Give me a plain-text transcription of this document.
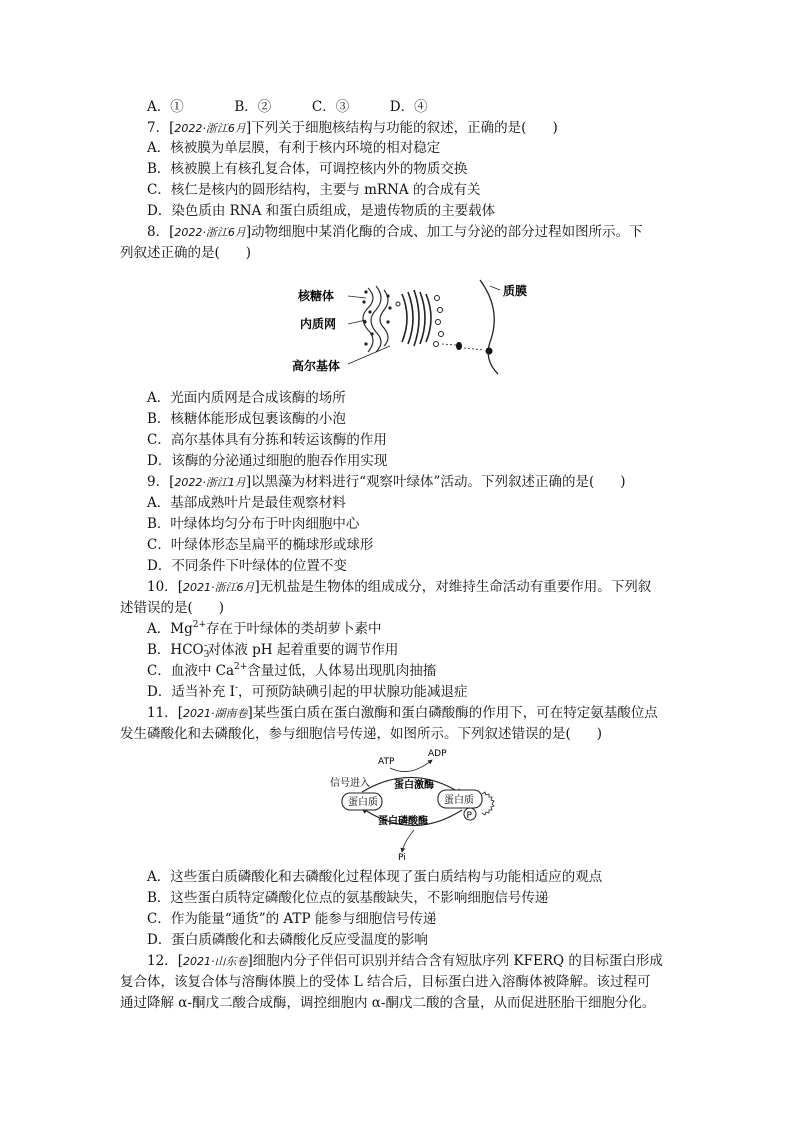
A．①	B．②	C．③	D．④
7．[2022·浙江6月]下列关于细胞核结构与功能的叙述，正确的是( )
A．核被膜为单层膜，有利于核内环境的相对稳定
B．核被膜上有核孔复合体，可调控核内外的物质交换
C．核仁是核内的圆形结构，主要与 mRNA 的合成有关
D．染色质由 RNA 和蛋白质组成，是遗传物质的主要载体
8．[2022·浙江6月]动物细胞中某消化酶的合成、加工与分泌的部分过程如图所示。下
列叙述正确的是( )
核糖体
内质网
高尔基体
质膜
A．光面内质网是合成该酶的场所
B．核糖体能形成包裹该酶的小泡
C．高尔基体具有分拣和转运该酶的作用
D．该酶的分泌通过细胞的胞吞作用实现
9．[2022·浙江1月]以黑藻为材料进行“观察叶绿体”活动。下列叙述正确的是( )
A．基部成熟叶片是最佳观察材料
B．叶绿体均匀分布于叶肉细胞中心
C．叶绿体形态呈扁平的椭球形或球形
D．不同条件下叶绿体的位置不变
10．[2021·浙江6月]无机盐是生物体的组成成分，对维持生命活动有重要作用。下列叙
述错误的是( )
A．$Mg^{2+}$存在于叶绿体的类胡萝卜素中
B．$HCO_3^-$对体液 pH 起着重要的调节作用
C．血液中 $Ca^{2+}$含量过低，人体易出现肌肉抽搐
D．适当补充 I-，可预防缺碘引起的甲状腺功能减退症
11．[2021·湖南卷]某些蛋白质在蛋白激酶和蛋白磷酸酶的作用下，可在特定氨基酸位点
发生磷酸化和去磷酸化，参与细胞信号传递，如图所示。下列叙述错误的是( )
ATP
ADP
信号进入 蛋白激酶
蛋白质	蛋白质
P
蛋白磷酸酶
Pi
A．这些蛋白质磷酸化和去磷酸化过程体现了蛋白质结构与功能相适应的观点
B．这些蛋白质特定磷酸化位点的氨基酸缺失，不影响细胞信号传递
C．作为能量“通货”的 ATP 能参与细胞信号传递
D．蛋白质磷酸化和去磷酸化反应受温度的影响
12．[2021·山东卷]细胞内分子伴侣可识别并结合含有短肽序列 KFERQ 的目标蛋白形成
复合体，该复合体与溶酶体膜上的受体 L 结合后，目标蛋白进入溶酶体被降解。该过程可
通过降解 α-酮戊二酸合成酶，调控细胞内 α-酮戊二酸的含量，从而促进胚胎干细胞分化。
